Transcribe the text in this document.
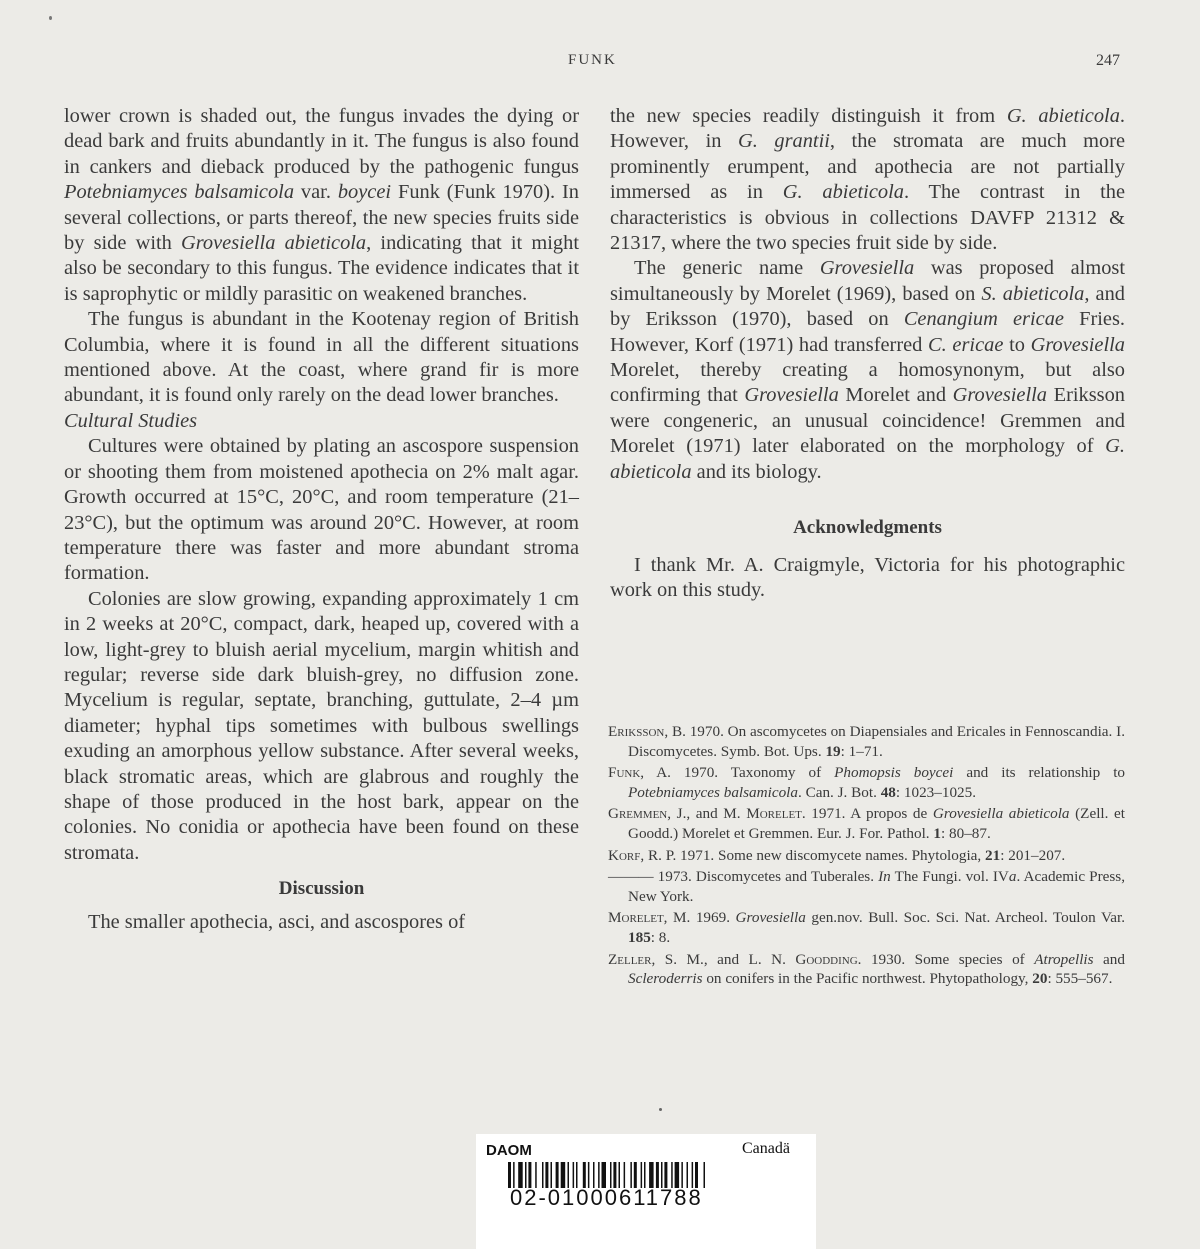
FUNK	247

lower crown is shaded out, the fungus invades the dying or dead bark and fruits abundantly in it. The fungus is also found in cankers and dieback produced by the pathogenic fungus Potebniamyces balsamicola var. boycei Funk (Funk 1970). In several collections, or parts thereof, the new species fruits side by side with Grovesiella abieticola, indicating that it might also be secondary to this fungus. The evidence indicates that it is saprophytic or mildly parasitic on weakened branches.

The fungus is abundant in the Kootenay region of British Columbia, where it is found in all the different situations mentioned above. At the coast, where grand fir is more abundant, it is found only rarely on the dead lower branches.

Cultural Studies

Cultures were obtained by plating an ascospore suspension or shooting them from moistened apothecia on 2% malt agar. Growth occurred at 15°C, 20°C, and room temperature (21–23°C), but the optimum was around 20°C. However, at room temperature there was faster and more abundant stroma formation.

Colonies are slow growing, expanding approximately 1 cm in 2 weeks at 20°C, compact, dark, heaped up, covered with a low, light-grey to bluish aerial mycelium, margin whitish and regular; reverse side dark bluish-grey, no diffusion zone. Mycelium is regular, septate, branching, guttulate, 2–4 µm diameter; hyphal tips sometimes with bulbous swellings exuding an amorphous yellow substance. After several weeks, black stromatic areas, which are glabrous and roughly the shape of those produced in the host bark, appear on the colonies. No conidia or apothecia have been found on these stromata.

Discussion

The smaller apothecia, asci, and ascospores of

the new species readily distinguish it from G. abieticola. However, in G. grantii, the stromata are much more prominently erumpent, and apothecia are not partially immersed as in G. abieticola. The contrast in the characteristics is obvious in collections DAVFP 21312 & 21317, where the two species fruit side by side.

The generic name Grovesiella was proposed almost simultaneously by Morelet (1969), based on S. abieticola, and by Eriksson (1970), based on Cenangium ericae Fries. However, Korf (1971) had transferred C. ericae to Grovesiella Morelet, thereby creating a homosynonym, but also confirming that Grovesiella Morelet and Grovesiella Eriksson were congeneric, an unusual coincidence! Gremmen and Morelet (1971) later elaborated on the morphology of G. abieticola and its biology.

Acknowledgments

I thank Mr. A. Craigmyle, Victoria for his photographic work on this study.

Eriksson, B. 1970. On ascomycetes on Diapensiales and Ericales in Fennoscandia. I. Discomycetes. Symb. Bot. Ups. 19: 1–71.

Funk, A. 1970. Taxonomy of Phomopsis boycei and its relationship to Potebniamyces balsamicola. Can. J. Bot. 48: 1023–1025.

Gremmen, J., and M. Morelet. 1971. A propos de Grovesiella abieticola (Zell. et Goodd.) Morelet et Gremmen. Eur. J. For. Pathol. 1: 80–87.

Korf, R. P. 1971. Some new discomycete names. Phytologia, 21: 201–207.

——— 1973. Discomycetes and Tuberales. In The Fungi. vol. IVa. Academic Press, New York.

Morelet, M. 1969. Grovesiella gen.nov. Bull. Soc. Sci. Nat. Archeol. Toulon Var. 185: 8.

Zeller, S. M., and L. N. Goodding. 1930. Some species of Atropellis and Scleroderris on conifers in the Pacific northwest. Phytopathology, 20: 555–567.

DAOM	Canadä
02-01000611788
